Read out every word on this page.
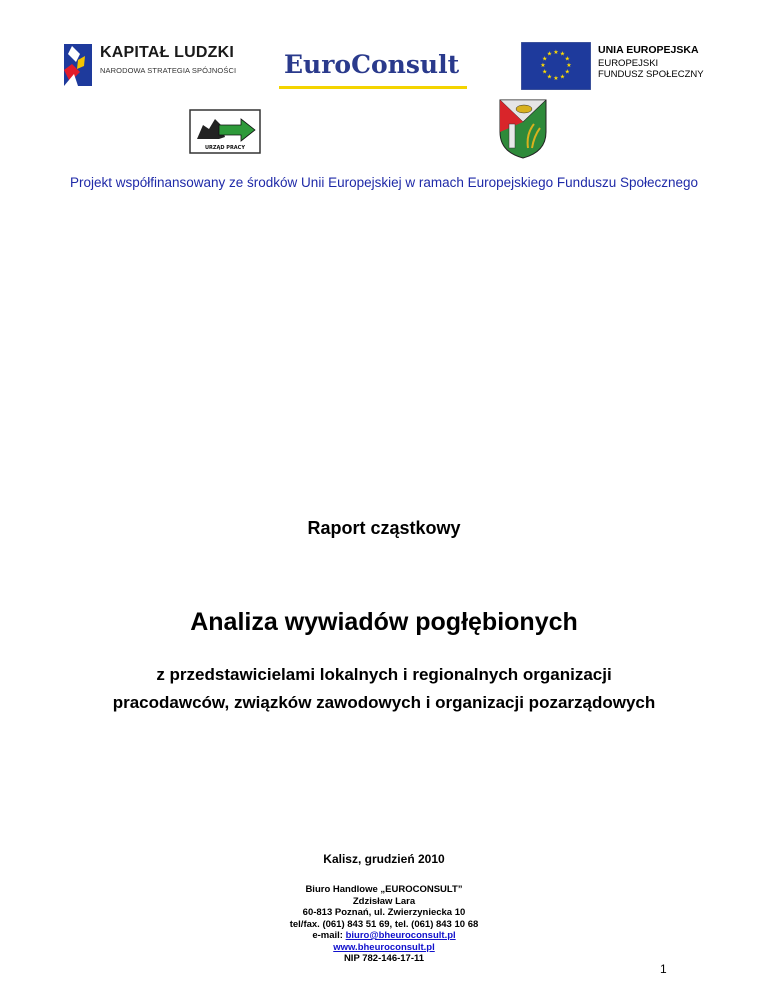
KAPITAŁ LUDZKI
NARODOWA STRATEGIA SPÓJNOŚCI EuroConsult	★ ★
★
★
★
★
★
★
★
★
★
★	UNIA EUROPEJSKA
EUROPEJSKI
FUNDUSZ SPOŁECZNY
URZĄD PRACY
Projekt współfinansowany ze środków Unii Europejskiej w ramach Europejskiego Funduszu Społecznego
Raport cząstkowy
Analiza wywiadów pogłębionych
z przedstawicielami lokalnych i regionalnych organizacji
pracodawców, związków zawodowych i organizacji pozarządowych
Kalisz, grudzień 2010
Biuro Handlowe „EUROCONSULT”
Zdzisław Lara
60-813 Poznań, ul. Zwierzyniecka 10
tel/fax. (061) 843 51 69, tel. (061) 843 10 68
e-mail: biuro@bheuroconsult.pl
www.bheuroconsult.pl
NIP 782-146-17-11
1
